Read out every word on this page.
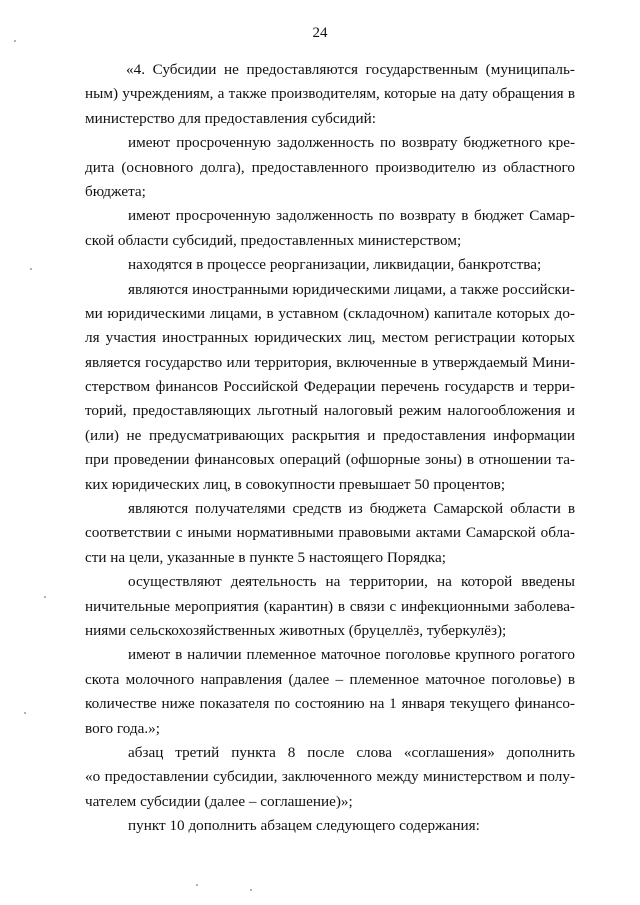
24
«4. Субсидии не предоставляются государственным (муниципаль-
ным) учреждениям, а также производителям, которые на дату обращения в
министерство для предоставления субсидий:
имеют просроченную задолженность по возврату бюджетного кре-
дита (основного долга), предоставленного производителю из областного
бюджета;
имеют просроченную задолженность по возврату в бюджет Самар-
ской области субсидий, предоставленных министерством;
находятся в процессе реорганизации, ликвидации, банкротства;
являются иностранными юридическими лицами, а также российски-
ми юридическими лицами, в уставном (складочном) капитале которых до-
ля участия иностранных юридических лиц, местом регистрации которых
является государство или территория, включенные в утверждаемый Мини-
стерством финансов Российской Федерации перечень государств и терри-
торий, предоставляющих льготный налоговый режим налогообложения и
(или) не предусматривающих раскрытия и предоставления информации
при проведении финансовых операций (офшорные зоны) в отношении та-
ких юридических лиц, в совокупности превышает 50 процентов;
являются получателями средств из бюджета Самарской области в
соответствии с иными нормативными правовыми актами Самарской обла-
сти на цели, указанные в пункте 5 настоящего Порядка;
осуществляют деятельность на территории, на которой введены
ничительные мероприятия (карантин) в связи с инфекционными заболева-
ниями сельскохозяйственных животных (бруцеллёз, туберкулёз);
имеют в наличии племенное маточное поголовье крупного рогатого
скота молочного направления (далее – племенное маточное поголовье) в
количестве ниже показателя по состоянию на 1 января текущего финансо-
вого года.»;
абзац третий пункта 8 после слова «соглашения» дополнить
«о предоставлении субсидии, заключенного между министерством и полу-
чателем субсидии (далее – соглашение)»;
пункт 10 дополнить абзацем следующего содержания:
